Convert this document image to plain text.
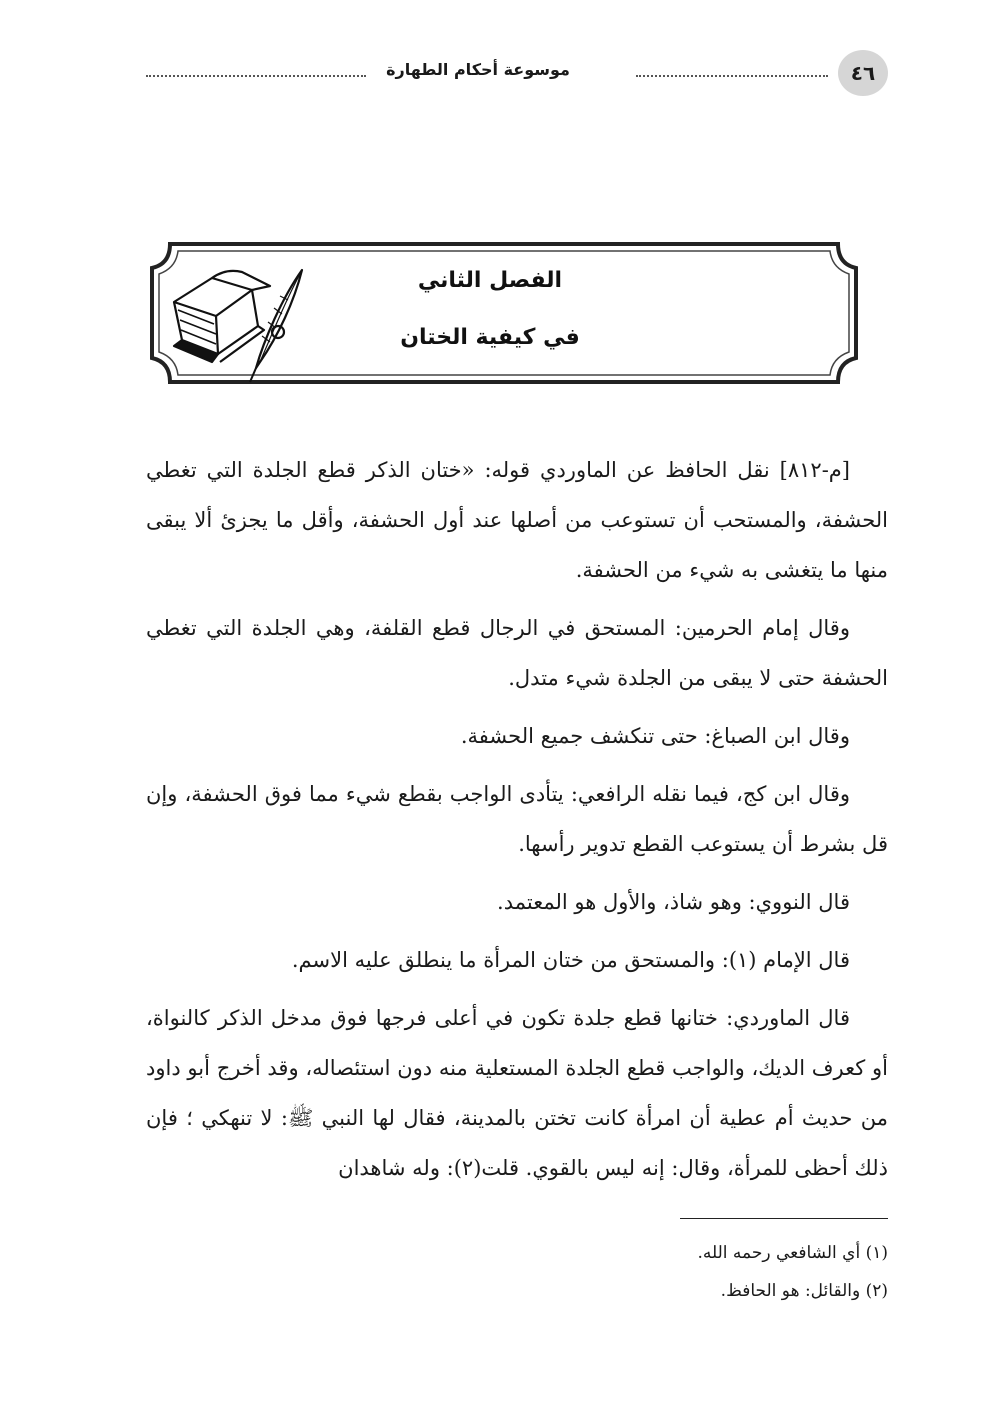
موسوعة أحكام الطهارة	٤٦
الفصل الثاني
في كيفية الختان

[م-٨١٢] نقل الحافظ عن الماوردي قوله: «ختان الذكر قطع الجلدة التي تغطي الحشفة، والمستحب أن تستوعب من أصلها عند أول الحشفة، وأقل ما يجزئ ألا يبقى منها ما يتغشى به شيء من الحشفة.

وقال إمام الحرمين: المستحق في الرجال قطع القلفة، وهي الجلدة التي تغطي الحشفة حتى لا يبقى من الجلدة شيء متدل.

وقال ابن الصباغ: حتى تنكشف جميع الحشفة.

وقال ابن كج، فيما نقله الرافعي: يتأدى الواجب بقطع شيء مما فوق الحشفة، وإن قل بشرط أن يستوعب القطع تدوير رأسها.

قال النووي: وهو شاذ، والأول هو المعتمد.

قال الإمام (١): والمستحق من ختان المرأة ما ينطلق عليه الاسم.

قال الماوردي: ختانها قطع جلدة تكون في أعلى فرجها فوق مدخل الذكر كالنواة، أو كعرف الديك، والواجب قطع الجلدة المستعلية منه دون استئصاله، وقد أخرج أبو داود من حديث أم عطية أن امرأة كانت تختن بالمدينة، فقال لها النبي ﷺ: لا تنهكي ؛ فإن ذلك أحظى للمرأة، وقال: إنه ليس بالقوي. قلت(٢): وله شاهدان

(١) أي الشافعي رحمه الله.
(٢) والقائل: هو الحافظ.
